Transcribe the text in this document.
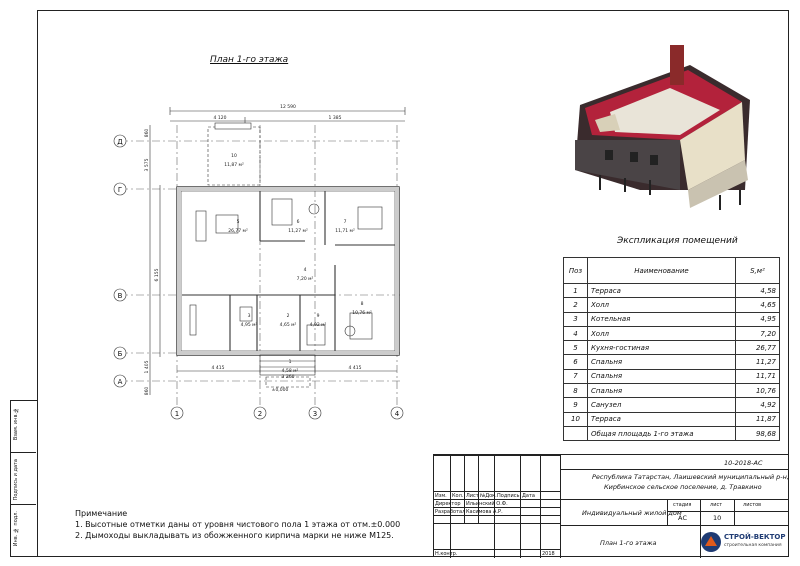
Взам. инв.№
Подпись и дата
Инв. № подл.
План 1-го этажа
Д
Г
В
Б
А
1	2	3	4
12 590
4 120	1 385
4 415
3 260
4 415
6 155
860
3 575
1 405
860	±0,000
10
11,87 м²
5
26,77 м²
6
11,27 м²
7
11,71 м²
4
7,20 м²
2
4,65 м²
3
4,95 м²
9
4,92 м²
8
10,76 м²
1
4,58 м²
Экспликация помещений
Поз	Наименование	S,м²
1	Терраса	4,58
2	Холл	4,65
3	Котельная	4,95
4	Холл	7,20
5	Кухня-гостиная	26,77
6	Спальня	11,27
7	Спальня	11,71
8	Спальня	10,76
9	Санузел	4,92
10	Терраса	11,87
	Общая площадь 1-го этажа	98,68
Примечание
1. Высотные отметки даны от уровня чистового пола 1 этажа от отм.±0.000
2. Дымоходы выкладывать из обожженного кирпича марки не ниже М125.
Изм. Кол. Лист №Док. Подпись Дата
Директор Ильинский О.Ф.
Разработал Касимова А.Р.
Н.контр.	2018
10-2018-АС
Республика Татарстан, Лаишевский муниципальный р-н,
Кирбинское сельское поселение, д. Травкино
Индивидуальный жилой дом
стадия	лист	листов
АС	10
План 1-го этажа
СТРОЙ-ВЕКТОР
строительная компания
